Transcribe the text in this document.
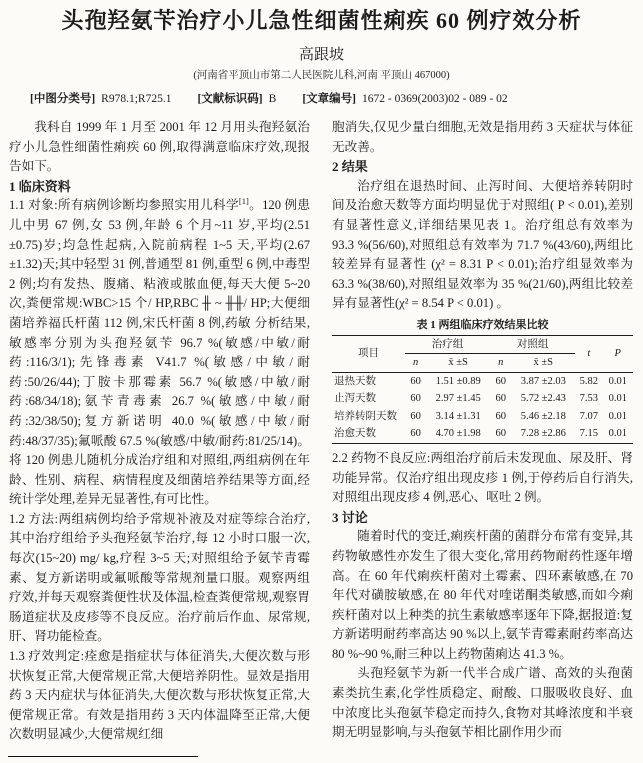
头孢羟氨苄治疗小儿急性细菌性痢疾 60 例疗效分析
高跟坡
(河南省平顶山市第二人民医院儿科,河南 平顶山 467000)
[中图分类号] R978.1;R725.1 [文献标识码] B [文章编号] 1672 - 0369(2003)02 - 089 - 02

我科自 1999 年 1 月至 2001 年 12 月用头孢羟氨治疗小儿急性细菌性痢疾 60 例,取得满意临床疗效,现报告如下。

1 临床资料

1.1 对象:所有病例诊断均参照实用儿科学[1]。120 例患儿中男 67 例,女 53 例,年龄 6 个月~11 岁,平均(2.51 ±0.75)岁;均急性起病,入院前病程 1~5 天,平均(2.67 ±1.32)天;其中轻型 31 例,普通型 81 例,重型 6 例,中毒型 2 例;均有发热、腹痛、粘液或脓血便,每天大便 5~20 次,粪便常规:WBC>15 个/ HP,RBC ╫ ~ ╫╫/ HP;大便细菌培养福氏杆菌 112 例,宋氏杆菌 8 例,药敏 分析结果,敏感率分别为头孢羟氨苄 96.7 %(敏感/中敏/耐药:116/3/1);先锋毒素 V41.7 %(敏感/中敏/耐药:50/26/44);丁胺卡那霉素 56.7 %(敏感/中敏/耐药:68/34/18);氨苄青毒素 26.7 %(敏感/中敏/耐药:32/38/50);复方新诺明 40.0 %(敏感/中敏/耐药:48/37/35);氟哌酸 67.5 %(敏感/中敏/耐药:81/25/14)。将 120 例患儿随机分成治疗组和对照组,两组病例在年龄、性别、病程、病情程度及细菌培养结果等方面,经统计学处理,差异无显著性,有可比性。

1.2 方法:两组病例均给予常规补液及对症等综合治疗,其中治疗组给予头孢羟氨苄治疗,每 12 小时口服一次,每次(15~20) mg/ kg,疗程 3~5 天;对照组给予氨苄青霉素、复方新诺明或氟哌酸等常规剂量口服。观察两组疗效,并每天观察粪便性状及体温,检查粪便常规,观察胃肠道症状及皮疹等不良反应。治疗前后作血、尿常规,肝、肾功能检查。

1.3 疗效判定:痊愈是指症状与体征消失,大便次数与形状恢复正常,大便常规正常,大便培养阴性。显效是指用药 3 天内症状与体征消失,大便次数与形状恢复正常,大便常规正常。有效是指用药 3 天内体温降至正常,大便次数明显减少,大便常规红细

胞消失,仅见少量白细胞,无效是指用药 3 天症状与体征无改善。

2 结果

治疗组在退热时间、止泻时间、大便培养转阴时间及治愈天数等方面均明显优于对照组( P < 0.01),差别有显著性意义,详细结果见表 1。治疗组总有效率为 93.3 %(56/60),对照组总有效率为 71.7 %(43/60),两组比较差异有显著性 (χ² = 8.31 P < 0.01);治疗组显效率为 63.3 %(38/60),对照组显效率为 35 %(21/60),两组比较差异有显著性(χ² = 8.54 P < 0.01) 。

表 1 两组临床疗效结果比较
项目	治疗组		对照组		t	P
	n	x̄ ±S	n	x̄ ±S		
退热天数	60	1.51 ±0.89	60	3.87 ±2.03	5.82	0.01
止泻天数	60	2.97 ±1.45	60	5.72 ±2.43	7.53	0.01
培养转阴天数	60	3.14 ±1.31	60	5.46 ±2.18	7.07	0.01
治愈天数	60	4.70 ±1.98	60	7.28 ±2.86	7.15	0.01

2.2 药物不良反应:两组治疗前后未发现血、尿及肝、肾功能异常。仅治疗组出现皮疹 1 例,于停药后自行消失,对照组出现皮疹 4 例,恶心、呕吐 2 例。

3 讨论

随着时代的变迁,痢疾杆菌的菌群分布常有变异,其药物敏感性亦发生了很大变化,常用药物耐药性逐年增高。在 60 年代痢疾杆菌对土霉素、四环素敏感,在 70 年代对磺胺敏感,在 80 年代对喹诺酮类敏感,而如今痢疾杆菌对以上种类的抗生素敏感率逐年下降,据报道:复方新诺明耐药率高达 90 %以上,氨苄青霉素耐药率高达 80 %~90 %,耐三种以上药物菌痢达 41.3 %。

头孢羟氨苄为新一代半合成广谱、高效的头孢菌素类抗生素,化学性质稳定、耐酸、口服吸收良好、血中浓度比头孢氨苄稳定而持久,食物对其峰浓度和半衰期无明显影响,与头孢氨苄相比副作用少而
